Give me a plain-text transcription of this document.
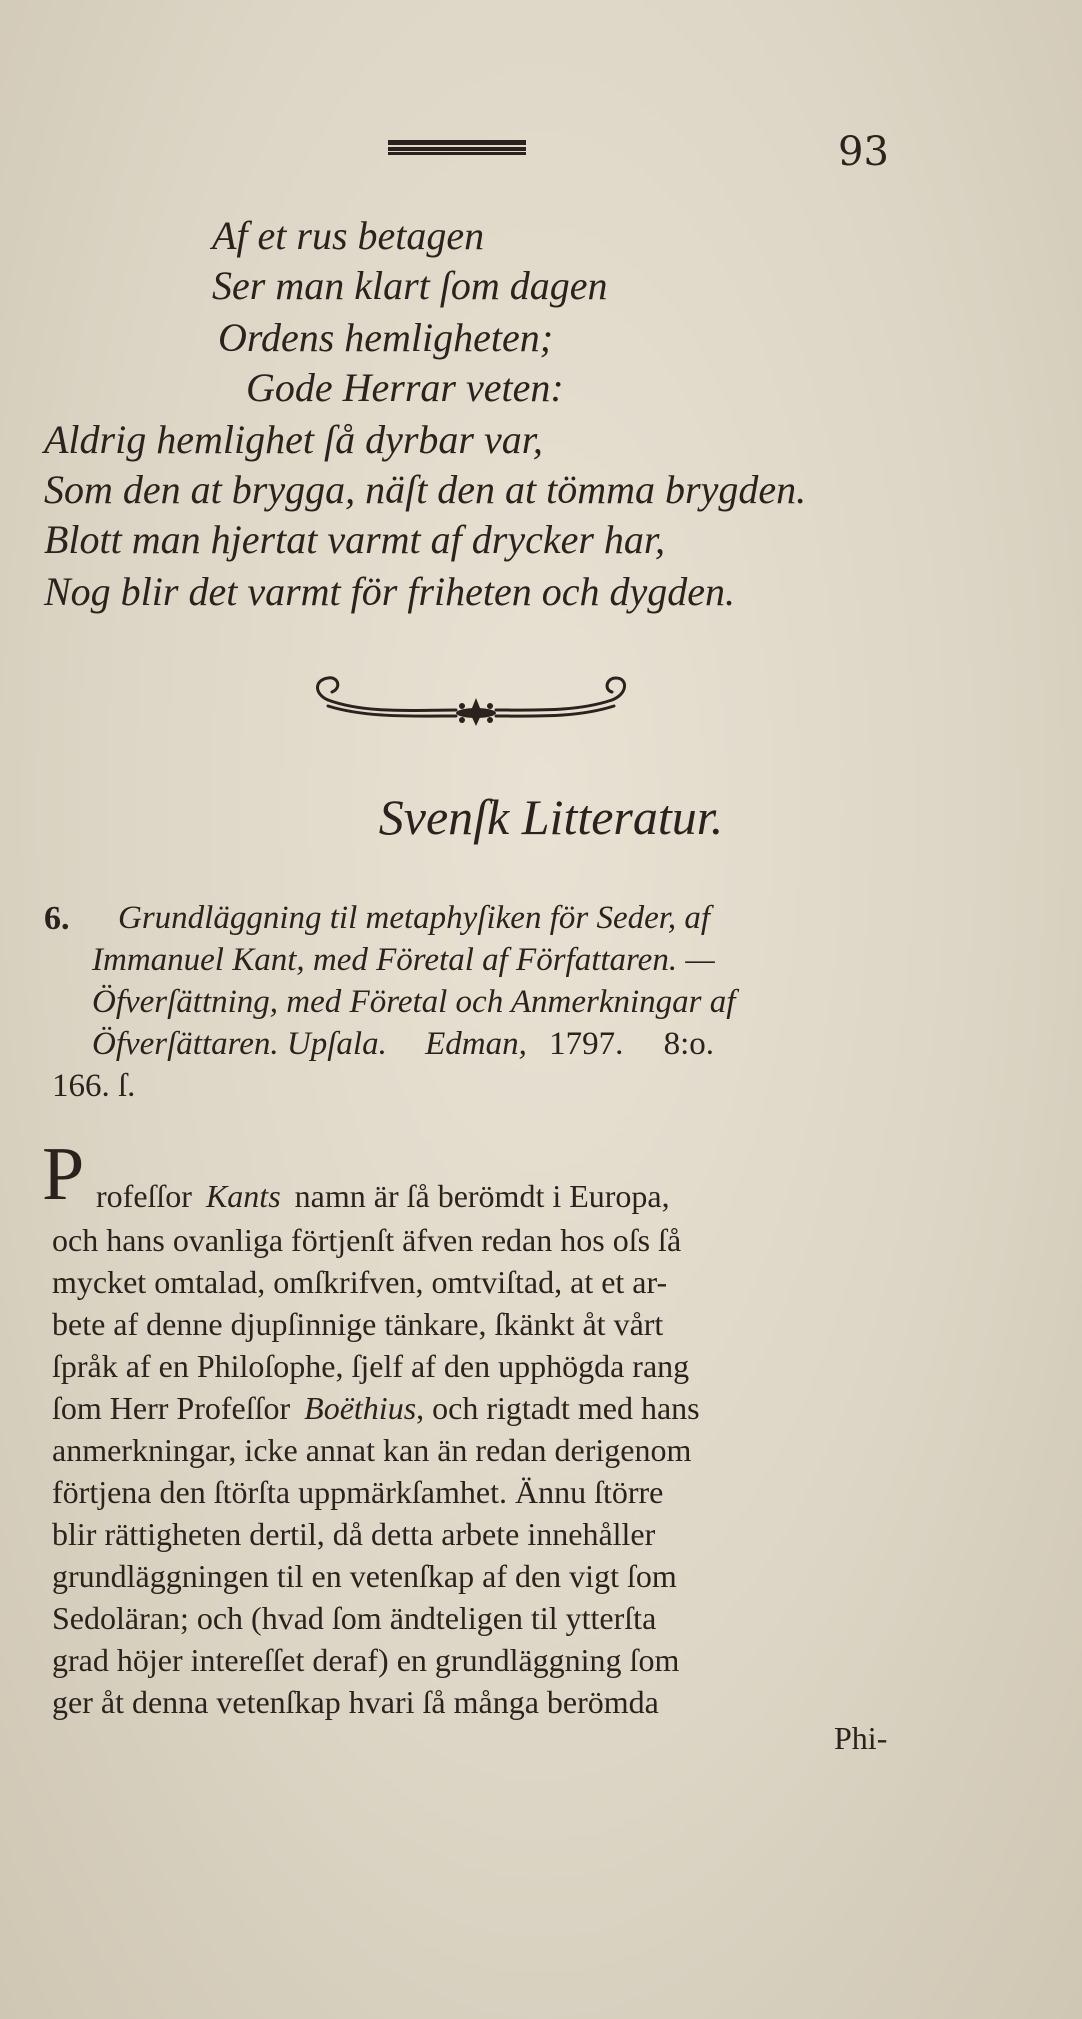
93
Af et rus betagen
Ser man klart ſom dagen
Ordens hemligheten;
Gode Herrar veten:
Aldrig hemlighet ſå dyrbar var,
Som den at brygga, näſt den at tömma brygden.
Blott man hjertat varmt af drycker har,
Nog blir det varmt för friheten och dygden.
Svenſk Litteratur.
6. Grundläggning til metaphyſiken för Seder, af
Immanuel Kant, med Företal af Författaren. —
Öfverſättning, med Företal och Anmerkningar af
Öfverſättaren. Upſala. Edman, 1797. 8:o.
166. ſ.
P rofeſſor Kants namn är ſå berömdt i Europa,
och hans ovanliga förtjenſt äfven redan hos oſs ſå
mycket omtalad, omſkrifven, omtviſtad, at et ar-
bete af denne djupſinnige tänkare, ſkänkt åt vårt
ſpråk af en Philoſophe, ſjelf af den upphögda rang
ſom Herr Profeſſor Boëthius, och rigtadt med hans
anmerkningar, icke annat kan än redan derigenom
förtjena den ſtörſta uppmärkſamhet. Ännu ſtörre
blir rättigheten dertil, då detta arbete innehåller
grundläggningen til en vetenſkap af den vigt ſom
Sedoläran; och (hvad ſom ändteligen til ytterſta
grad höjer intereſſet deraf) en grundläggning ſom
ger åt denna vetenſkap hvari ſå många berömda
Phi-
